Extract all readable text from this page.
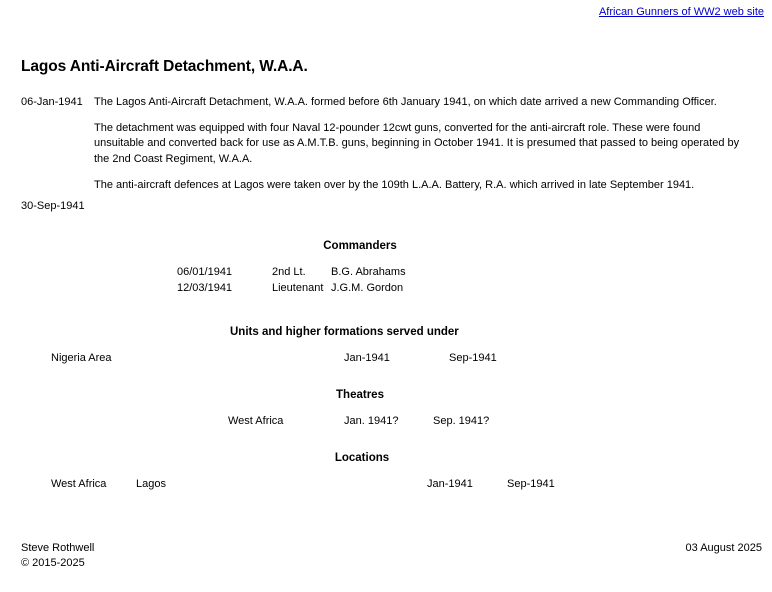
African Gunners of WW2 web site
Lagos Anti-Aircraft Detachment, W.A.A.
06-Jan-1941	The Lagos Anti-Aircraft Detachment, W.A.A. formed before 6th January 1941, on which date arrived a new Commanding Officer.

The detachment was equipped with four Naval 12-pounder 12cwt guns, converted for the anti-aircraft role. These were found unsuitable and converted back for use as A.M.T.B. guns, beginning in October 1941. It is presumed that passed to being operated by the 2nd Coast Regiment, W.A.A.

The anti-aircraft defences at Lagos were taken over by the 109th L.A.A. Battery, R.A. which arrived in late September 1941.

30-Sep-1941
Commanders
06/01/1941	2nd Lt. B.G. Abrahams
12/03/1941	Lieutenant J.G.M. Gordon
Units and higher formations served under
Nigeria Area	Jan-1941	Sep-1941
Theatres
West Africa	Jan. 1941?	Sep. 1941?
Locations
West Africa	Lagos	Jan-1941	Sep-1941
Steve Rothwell
© 2015-2025
03 August 2025
